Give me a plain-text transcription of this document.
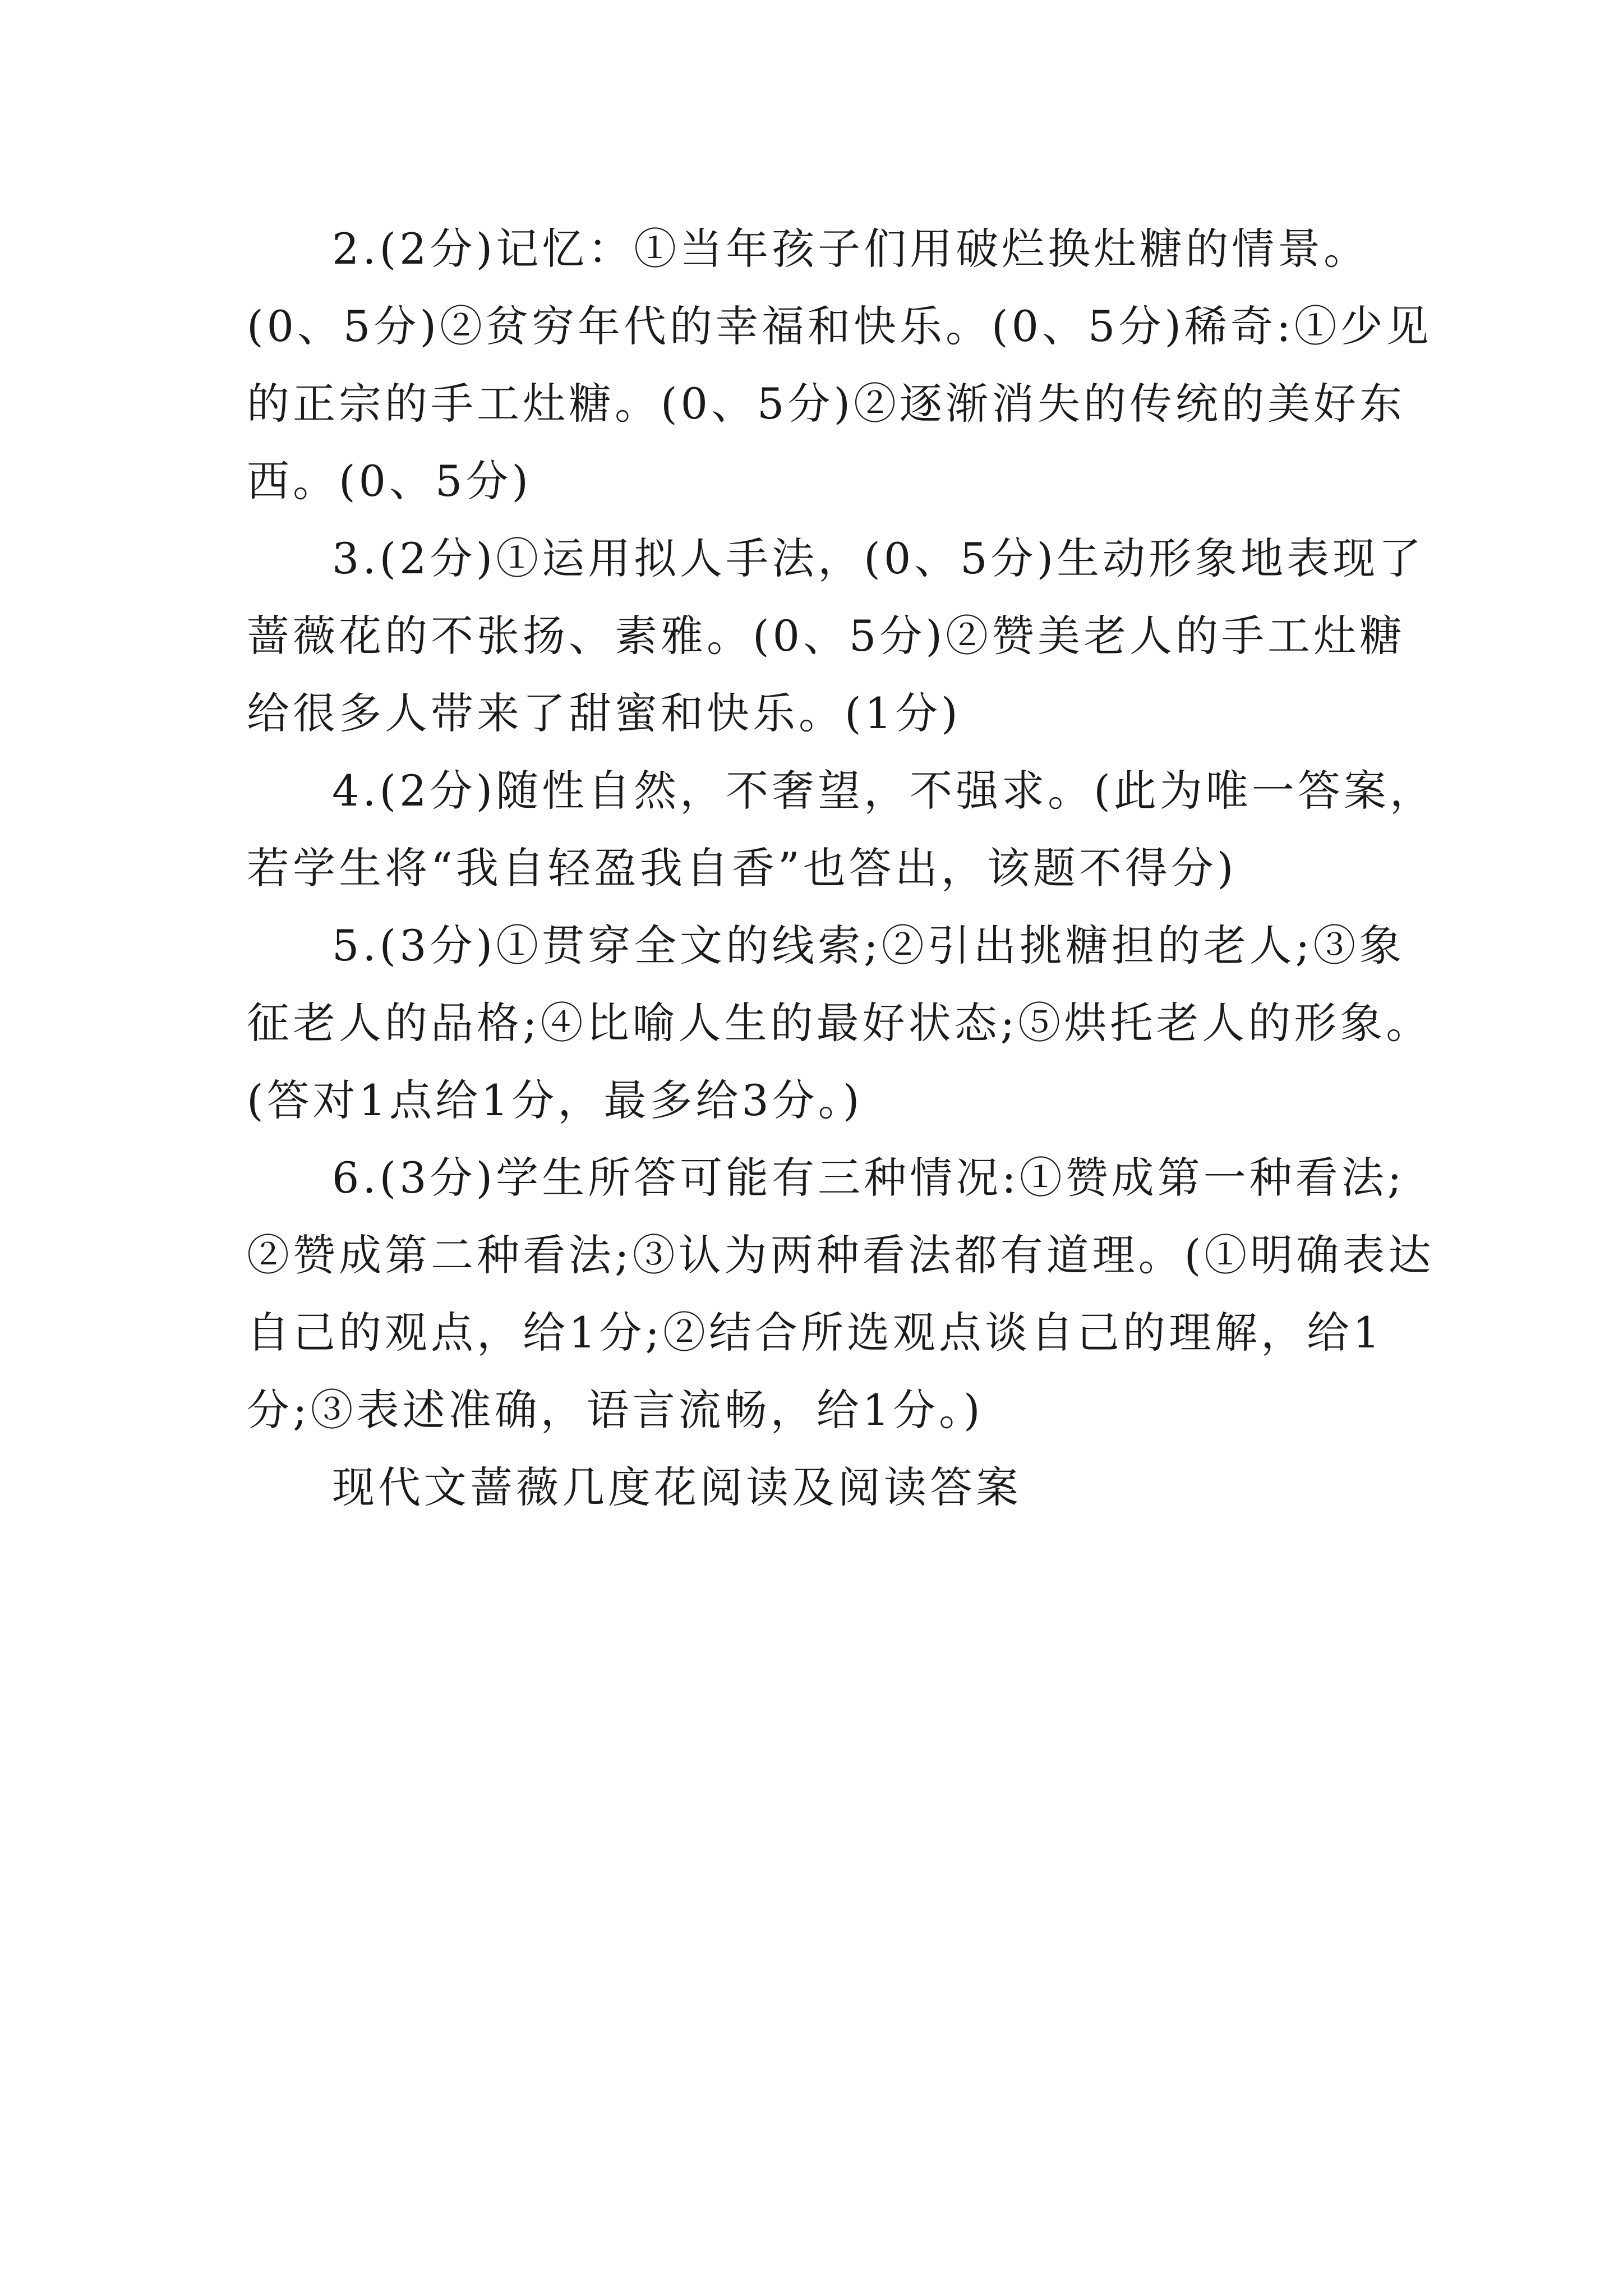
2.(2分)记忆：①当年孩子们用破烂换灶糖的情景。(0、5分)②贫穷年代的幸福和快乐。(0、5分)稀奇:①少见的正宗的手工灶糖。(0、5分)②逐渐消失的传统的美好东西。(0、5分)

3.(2分)①运用拟人手法，(0、5分)生动形象地表现了蔷薇花的不张扬、素雅。(0、5分)②赞美老人的手工灶糖给很多人带来了甜蜜和快乐。(1分)

4.(2分)随性自然，不奢望，不强求。(此为唯一答案，若学生将“我自轻盈我自香”也答出，该题不得分)

5.(3分)①贯穿全文的线索;②引出挑糖担的老人;③象征老人的品格;④比喻人生的最好状态;⑤烘托老人的形象。(答对1点给1分，最多给3分。)

6.(3分)学生所答可能有三种情况:①赞成第一种看法;②赞成第二种看法;③认为两种看法都有道理。(①明确表达自己的观点，给1分;②结合所选观点谈自己的理解，给1分;③表述准确，语言流畅，给1分。)

现代文蔷薇几度花阅读及阅读答案
